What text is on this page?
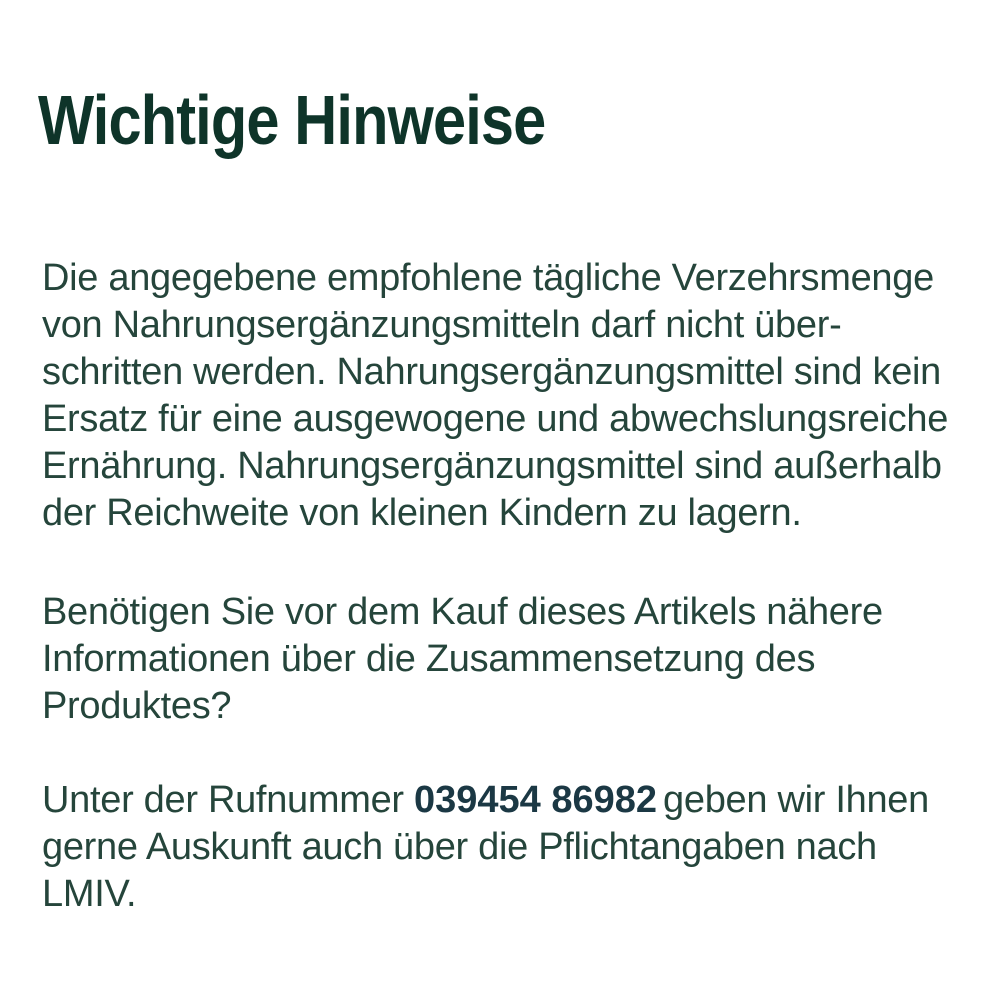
Wichtige Hinweise
Die angegebene empfohlene tägliche Verzehrsmenge
von Nahrungsergänzungsmitteln darf nicht über-
schritten werden. Nahrungsergänzungsmittel sind kein
Ersatz für eine ausgewogene und abwechslungsreiche
Ernährung. Nahrungsergänzungsmittel sind außerhalb
der Reichweite von kleinen Kindern zu lagern.
Benötigen Sie vor dem Kauf dieses Artikels nähere
Informationen über die Zusammensetzung des
Produktes?
Unter der Rufnummer 039454 86982 geben wir Ihnen
gerne Auskunft auch über die Pflichtangaben nach
LMIV.
